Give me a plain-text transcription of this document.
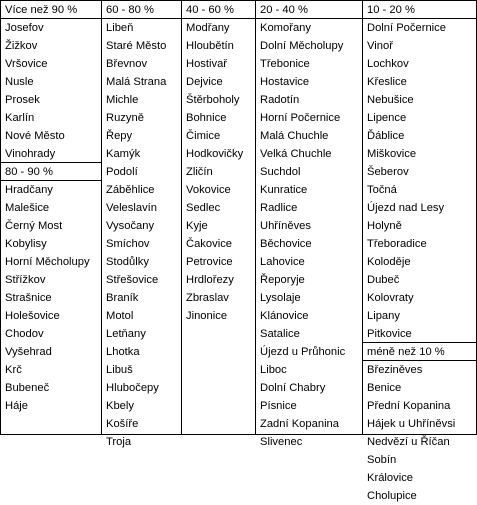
Více než 90 %
Josefov
Žižkov
Vršovice
Nusle
Prosek
Karlín
Nové Město
Vinohrady
80 - 90 %
Hradčany
Malešice
Černý Most
Kobylisy
Horní Měcholupy
Střížkov
Strašnice
Holešovice
Chodov
Vyšehrad
Krč
Bubeneč
Háje
60 - 80 %
Libeň
Staré Město
Břevnov
Malá Strana
Michle
Ruzyně
Řepy
Kamýk
Podolí
Záběhlice
Veleslavín
Vysočany
Smíchov
Stodůlky
Střešovice
Braník
Motol
Letňany
Lhotka
Libuš
Hlubočepy
Kbely
Košíře
Troja
40 - 60 %
Modřany
Hloubětín
Hostivař
Dejvice
Štěrboholy
Bohnice
Čimice
Hodkovičky
Zličín
Vokovice
Sedlec
Kyje
Čakovice
Petrovice
Hrdlořezy
Zbraslav
Jinonice
20 - 40 %
Komořany
Dolní Měcholupy
Třebonice
Hostavice
Radotín
Horní Počernice
Malá Chuchle
Velká Chuchle
Suchdol
Kunratice
Radlice
Uhříněves
Běchovice
Lahovice
Řeporyje
Lysolaje
Klánovice
Satalice
Újezd u Průhonic
Liboc
Dolní Chabry
Písnice
Zadní Kopanina
Slivenec
10 - 20 %
Dolní Počernice
Vinoř
Lochkov
Křeslice
Nebušice
Lipence
Ďáblice
Miškovice
Šeberov
Točná
Újezd nad Lesy
Holyně
Třeboradice
Koloděje
Dubeč
Kolovraty
Lipany
Pitkovice
méně než 10 %
Březiněves
Benice
Přední Kopanina
Hájek u Uhříněvsi
Nedvězí u Říčan
Sobín
Královice
Cholupice
